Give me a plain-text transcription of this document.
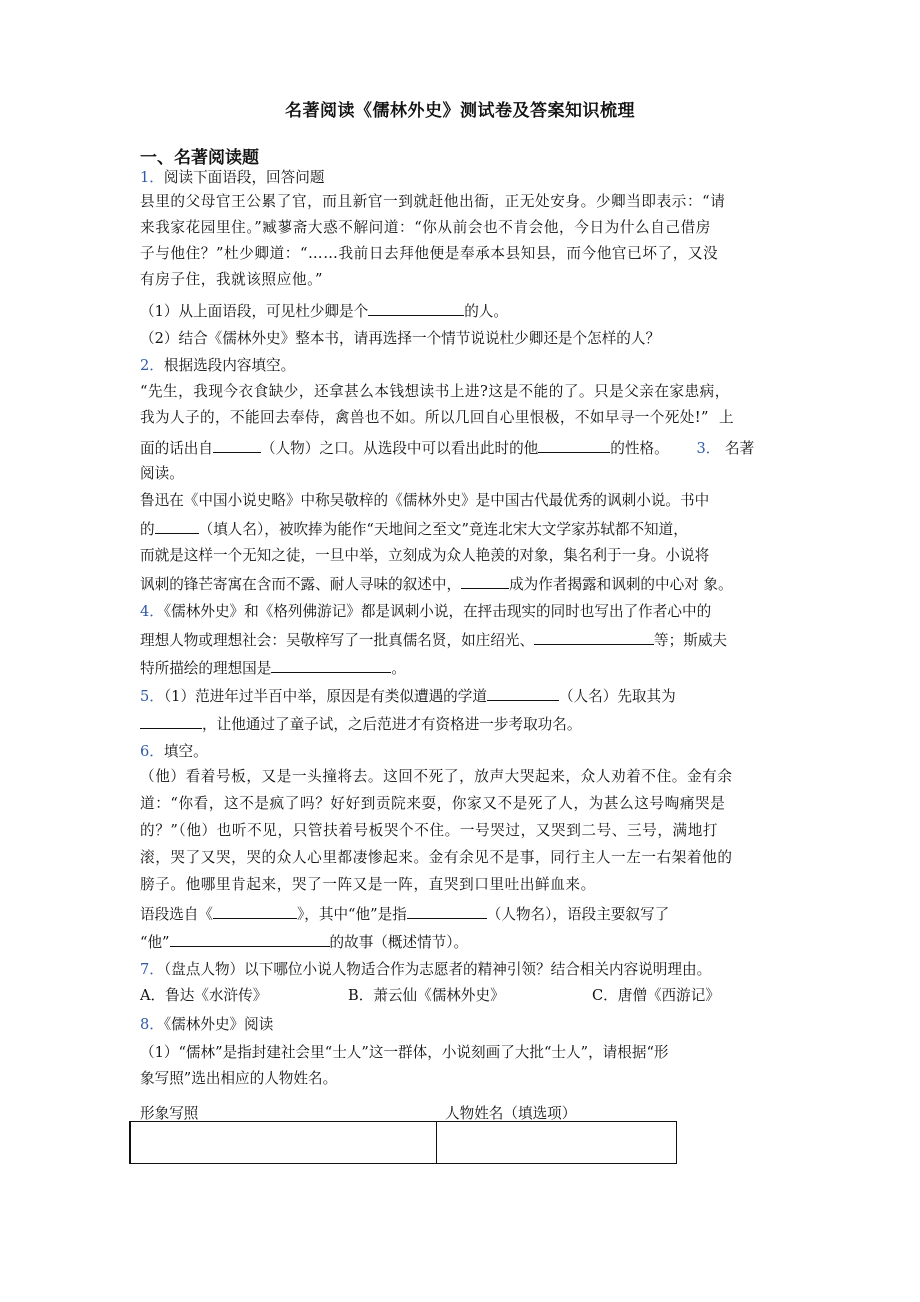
名著阅读《儒林外史》测试卷及答案知识梳理
一、名著阅读题
1．阅读下面语段，回答问题
县里的父母官王公累了官，而且新官一到就赶他出衙，正无处安身。少卿当即表示：“请
来我家花园里住。”臧蓼斋大惑不解问道：“你从前会也不肯会他，今日为什么自己借房
子与他住？”杜少卿道：“……我前日去拜他便是奉承本县知县，而今他官已坏了，又没
有房子住，我就该照应他。”
（1）从上面语段，可见杜少卿是个	的人。
（2）结合《儒林外史》整本书，请再选择一个情节说说杜少卿还是个怎样的人？
2．根据选段内容填空。
“先生，我现今衣食缺少，还拿甚么本钱想读书上进?这是不能的了。只是父亲在家患病，
我为人子的，不能回去奉侍，禽兽也不如。所以几回自心里恨极，不如早寻一个死处!” 上
面的话出自	（人物）之口。从选段中可以看出此时的他	的性格。 3． 名著
阅读。
鲁迅在《中国小说史略》中称吴敬梓的《儒林外史》是中国古代最优秀的讽刺小说。书中
的	（填人名），被吹捧为能作“天地间之至文”竟连北宋大文学家苏轼都不知道，
而就是这样一个无知之徒，一旦中举，立刻成为众人艳羡的对象，集名利于一身。小说将
讽刺的锋芒寄寓在含而不露、耐人寻味的叙述中，	成为作者揭露和讽刺的中心对 象。
4．《儒林外史》和《格列佛游记》都是讽刺小说，在抨击现实的同时也写出了作者心中的
理想人物或理想社会：吴敬梓写了一批真儒名贤，如庄绍光、	等；斯威夫
特所描绘的理想国是	。
5．（1）范进年过半百中举，原因是有类似遭遇的学道	（人名）先取其为
，让他通过了童子试，之后范进才有资格进一步考取功名。
6．填空。
（他）看着号板，又是一头撞将去。这回不死了，放声大哭起来，众人劝着不住。金有余
道：“你看，这不是疯了吗？好好到贡院来耍，你家又不是死了人，为甚么这号啕痛哭是
的？”（他）也听不见，只管扶着号板哭个不住。一号哭过，又哭到二号、三号，满地打
滚，哭了又哭，哭的众人心里都凄惨起来。金有余见不是事，同行主人一左一右架着他的
膀子。他哪里肯起来，哭了一阵又是一阵，直哭到口里吐出鲜血来。
语段选自《	》，其中“他”是指	（人物名），语段主要叙写了
“他”	的故事（概述情节）。
7．（盘点人物）以下哪位小说人物适合作为志愿者的精神引领？结合相关内容说明理由。
A．鲁达《水浒传》	B．萧云仙《儒林外史》	C．唐僧《西游记》
8．《儒林外史》阅读
（1）“儒林”是指封建社会里“士人”这一群体，小说刻画了大批“士人”，请根据“形
象写照”选出相应的人物姓名。
形象写照	人物姓名（填选项）
